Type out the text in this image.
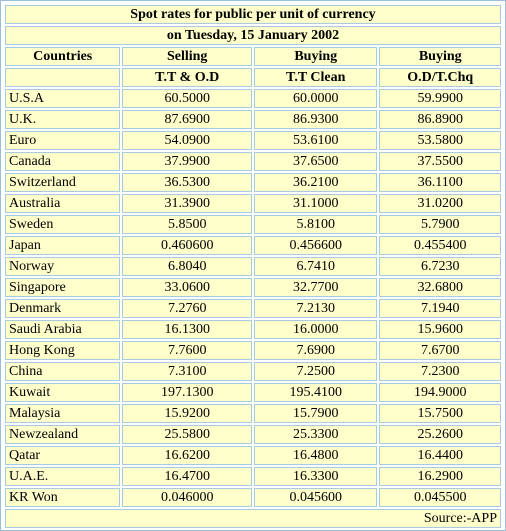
Spot rates for public per unit of currency			
on Tuesday, 15 January 2002			
Countries	Selling	Buying	Buying
	T.T & O.D	T.T Clean	O.D/T.Chq
U.S.A	60.5000	60.0000	59.9900
U.K.	87.6900	86.9300	86.8900
Euro	54.0900	53.6100	53.5800
Canada	37.9900	37.6500	37.5500
Switzerland	36.5300	36.2100	36.1100
Australia	31.3900	31.1000	31.0200
Sweden	5.8500	5.8100	5.7900
Japan	0.460600	0.456600	0.455400
Norway	6.8040	6.7410	6.7230
Singapore	33.0600	32.7700	32.6800
Denmark	7.2760	7.2130	7.1940
Saudi Arabia	16.1300	16.0000	15.9600
Hong Kong	7.7600	7.6900	7.6700
China	7.3100	7.2500	7.2300
Kuwait	197.1300	195.4100	194.9000
Malaysia	15.9200	15.7900	15.7500
Newzealand	25.5800	25.3300	25.2600
Qatar	16.6200	16.4800	16.4400
U.A.E.	16.4700	16.3300	16.2900
KR Won	0.046000	0.045600	0.045500
Source:-APP			
